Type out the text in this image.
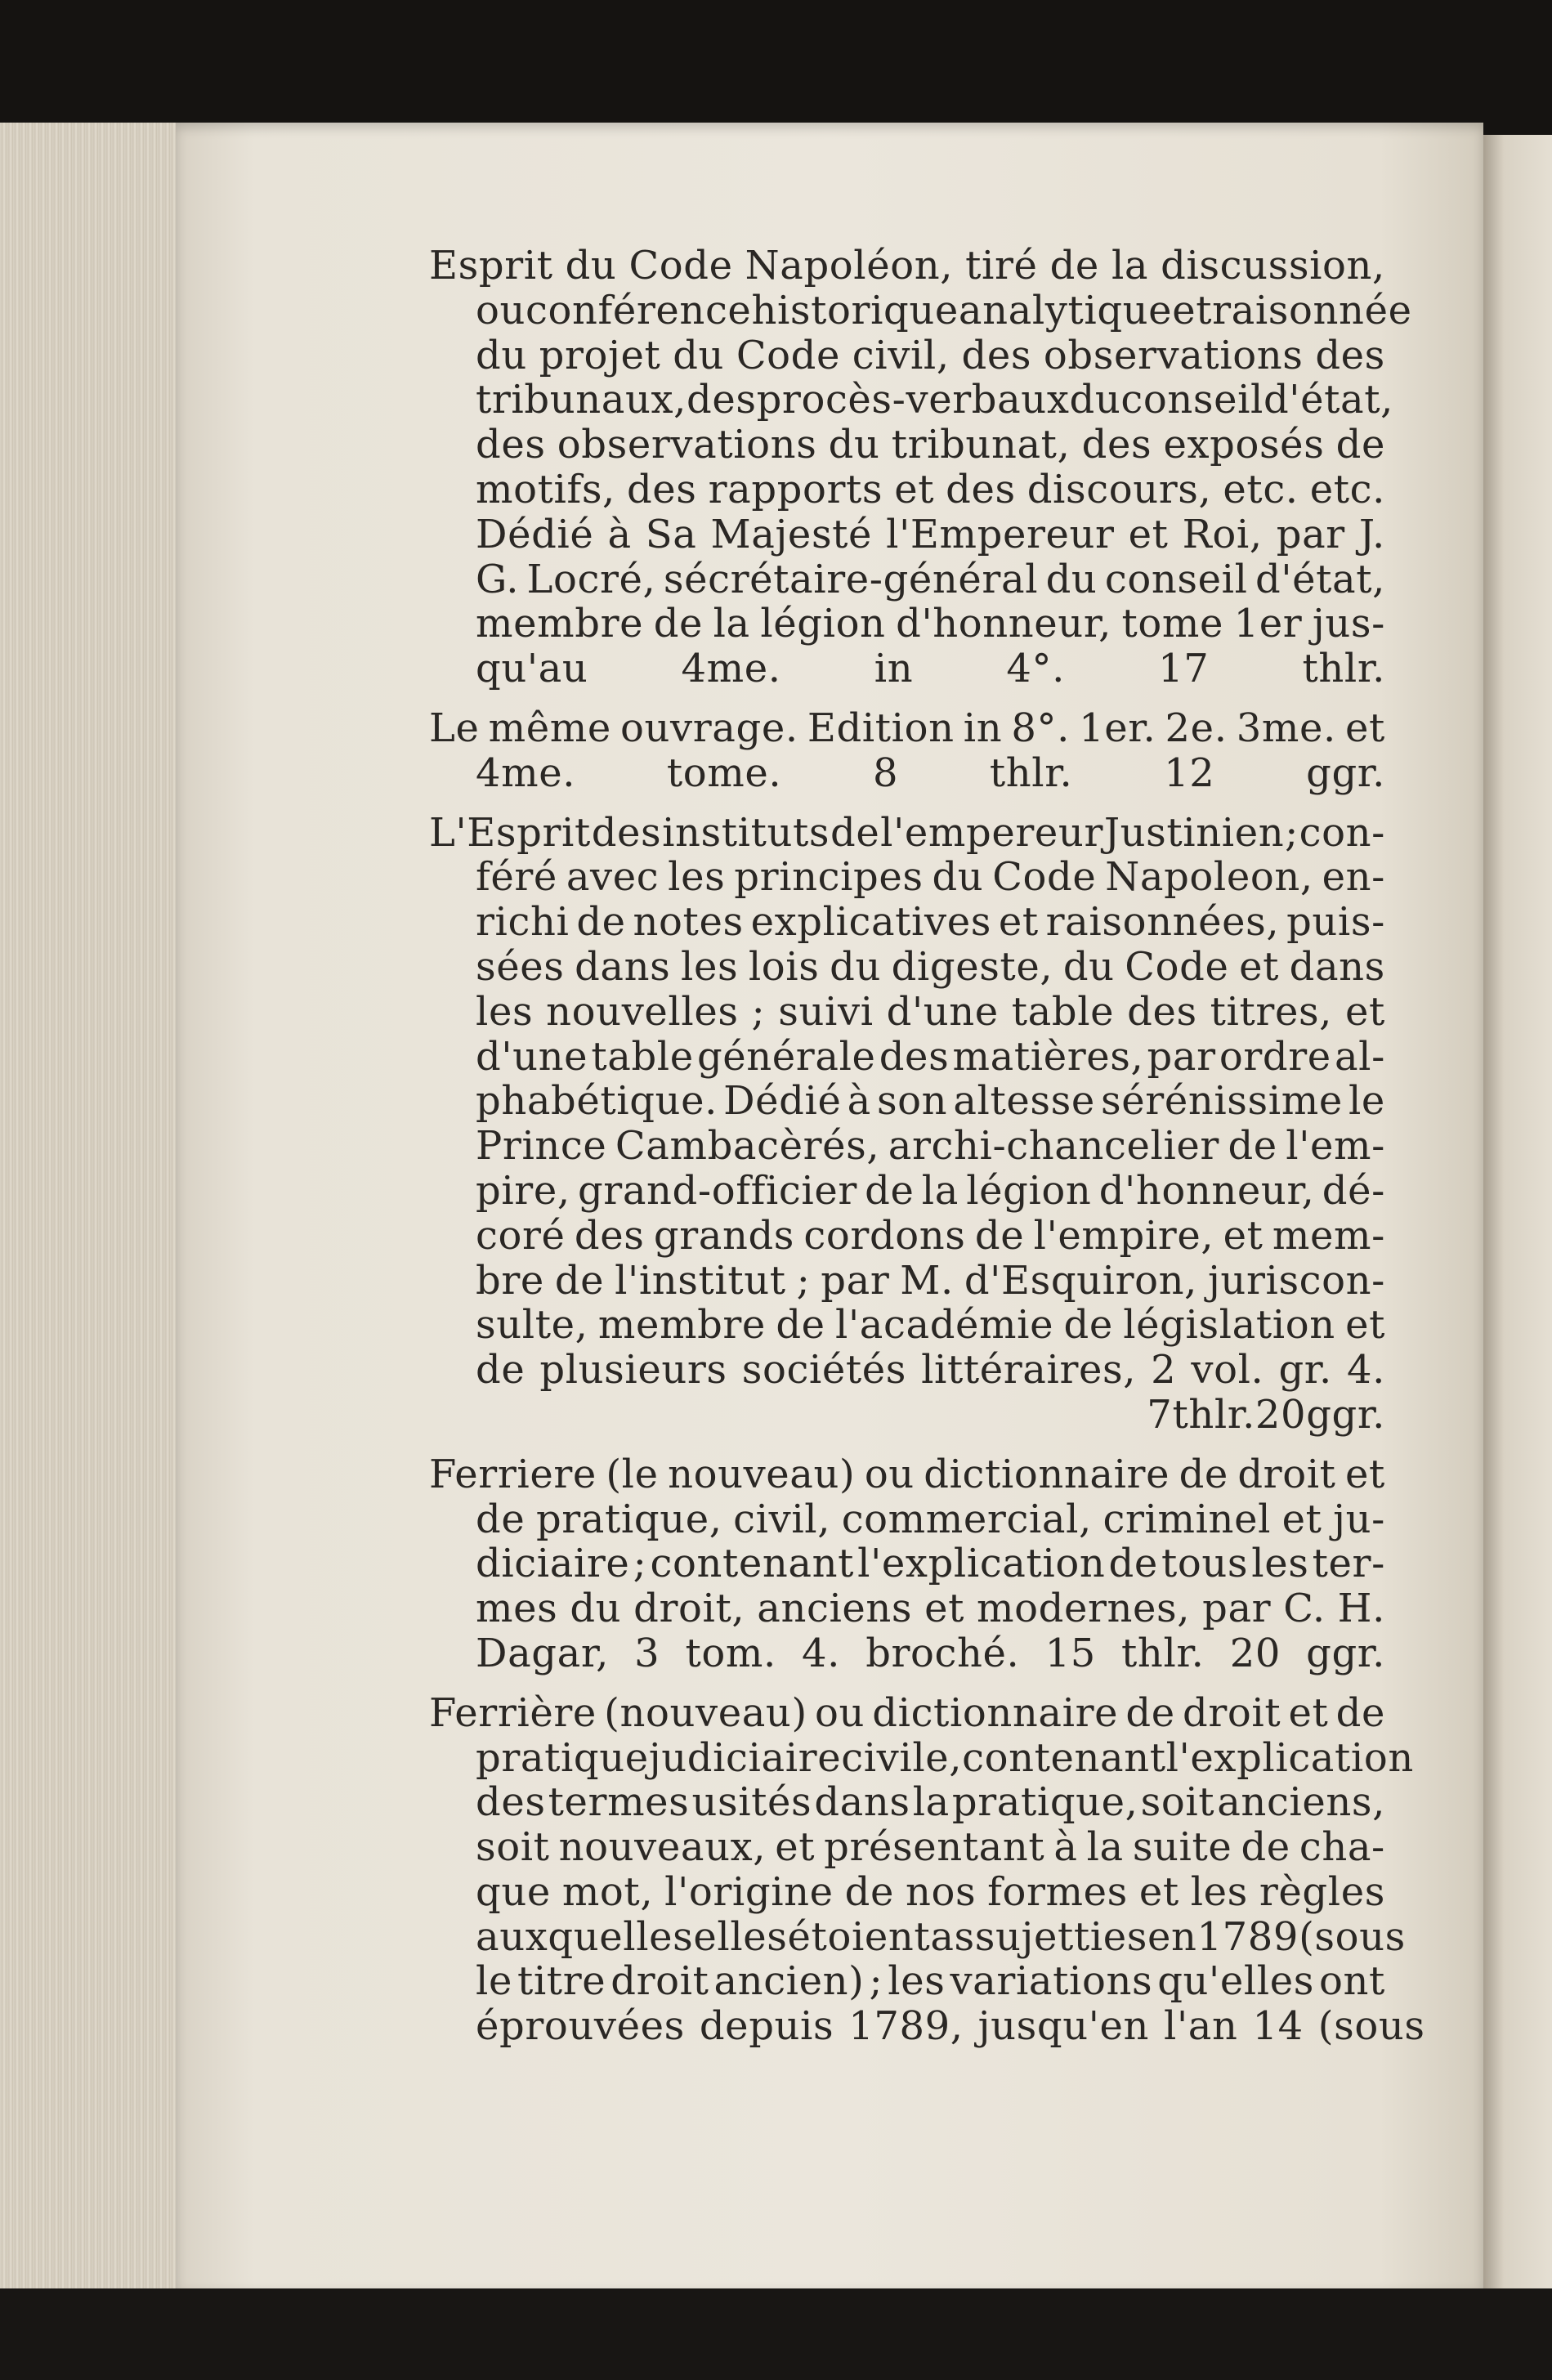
Esprit du Code Napoléon, tiré de la discussion,
ou conférence historique analytique et raisonnée
du projet du Code civil, des observations des
tribunaux, des procès-verbaux du conseil d'état,
des observations du tribunat, des exposés de
motifs, des rapports et des discours, etc. etc.
Dédié à Sa Majesté l'Empereur et Roi, par J.
G. Locré, sécrétaire-général du conseil d'état,
membre de la légion d'honneur, tome 1er jus-
qu'au 4me. in 4°. 17 thlr.
Le même ouvrage. Edition in 8°. 1er. 2e. 3me. et
4me. tome. 8 thlr. 12 ggr.
L'Esprit des instituts de l'empereur Justinien ; con-
féré avec les principes du Code Napoleon, en-
richi de notes explicatives et raisonnées, puis-
sées dans les lois du digeste, du Code et dans
les nouvelles ; suivi d'une table des titres, et
d'une table générale des matières, par ordre al-
phabétique. Dédié à son altesse sérénissime le
Prince Cambacèrés, archi-chancelier de l'em-
pire, grand-officier de la légion d'honneur, dé-
coré des grands cordons de l'empire, et mem-
bre de l'institut ; par M. d'Esquiron, juriscon-
sulte, membre de l'académie de législation et
de plusieurs sociétés littéraires, 2 vol. gr. 4.
7 thlr. 20 ggr.
Ferriere (le nouveau) ou dictionnaire de droit et
de pratique, civil, commercial, criminel et ju-
diciaire ; contenant l'explication de tous les ter-
mes du droit, anciens et modernes, par C. H.
Dagar, 3 tom. 4. broché. 15 thlr. 20 ggr.
Ferrière (nouveau) ou dictionnaire de droit et de
pratique judiciaire civile, contenant l'explication
des termes usités dans la pratique, soit anciens,
soit nouveaux, et présentant à la suite de cha-
que mot, l'origine de nos formes et les règles
auxquelles elles étoient assujetties en 1789 (sous
le titre droit ancien) ; les variations qu'elles ont
éprouvées depuis 1789, jusqu'en l'an 14 (sous
